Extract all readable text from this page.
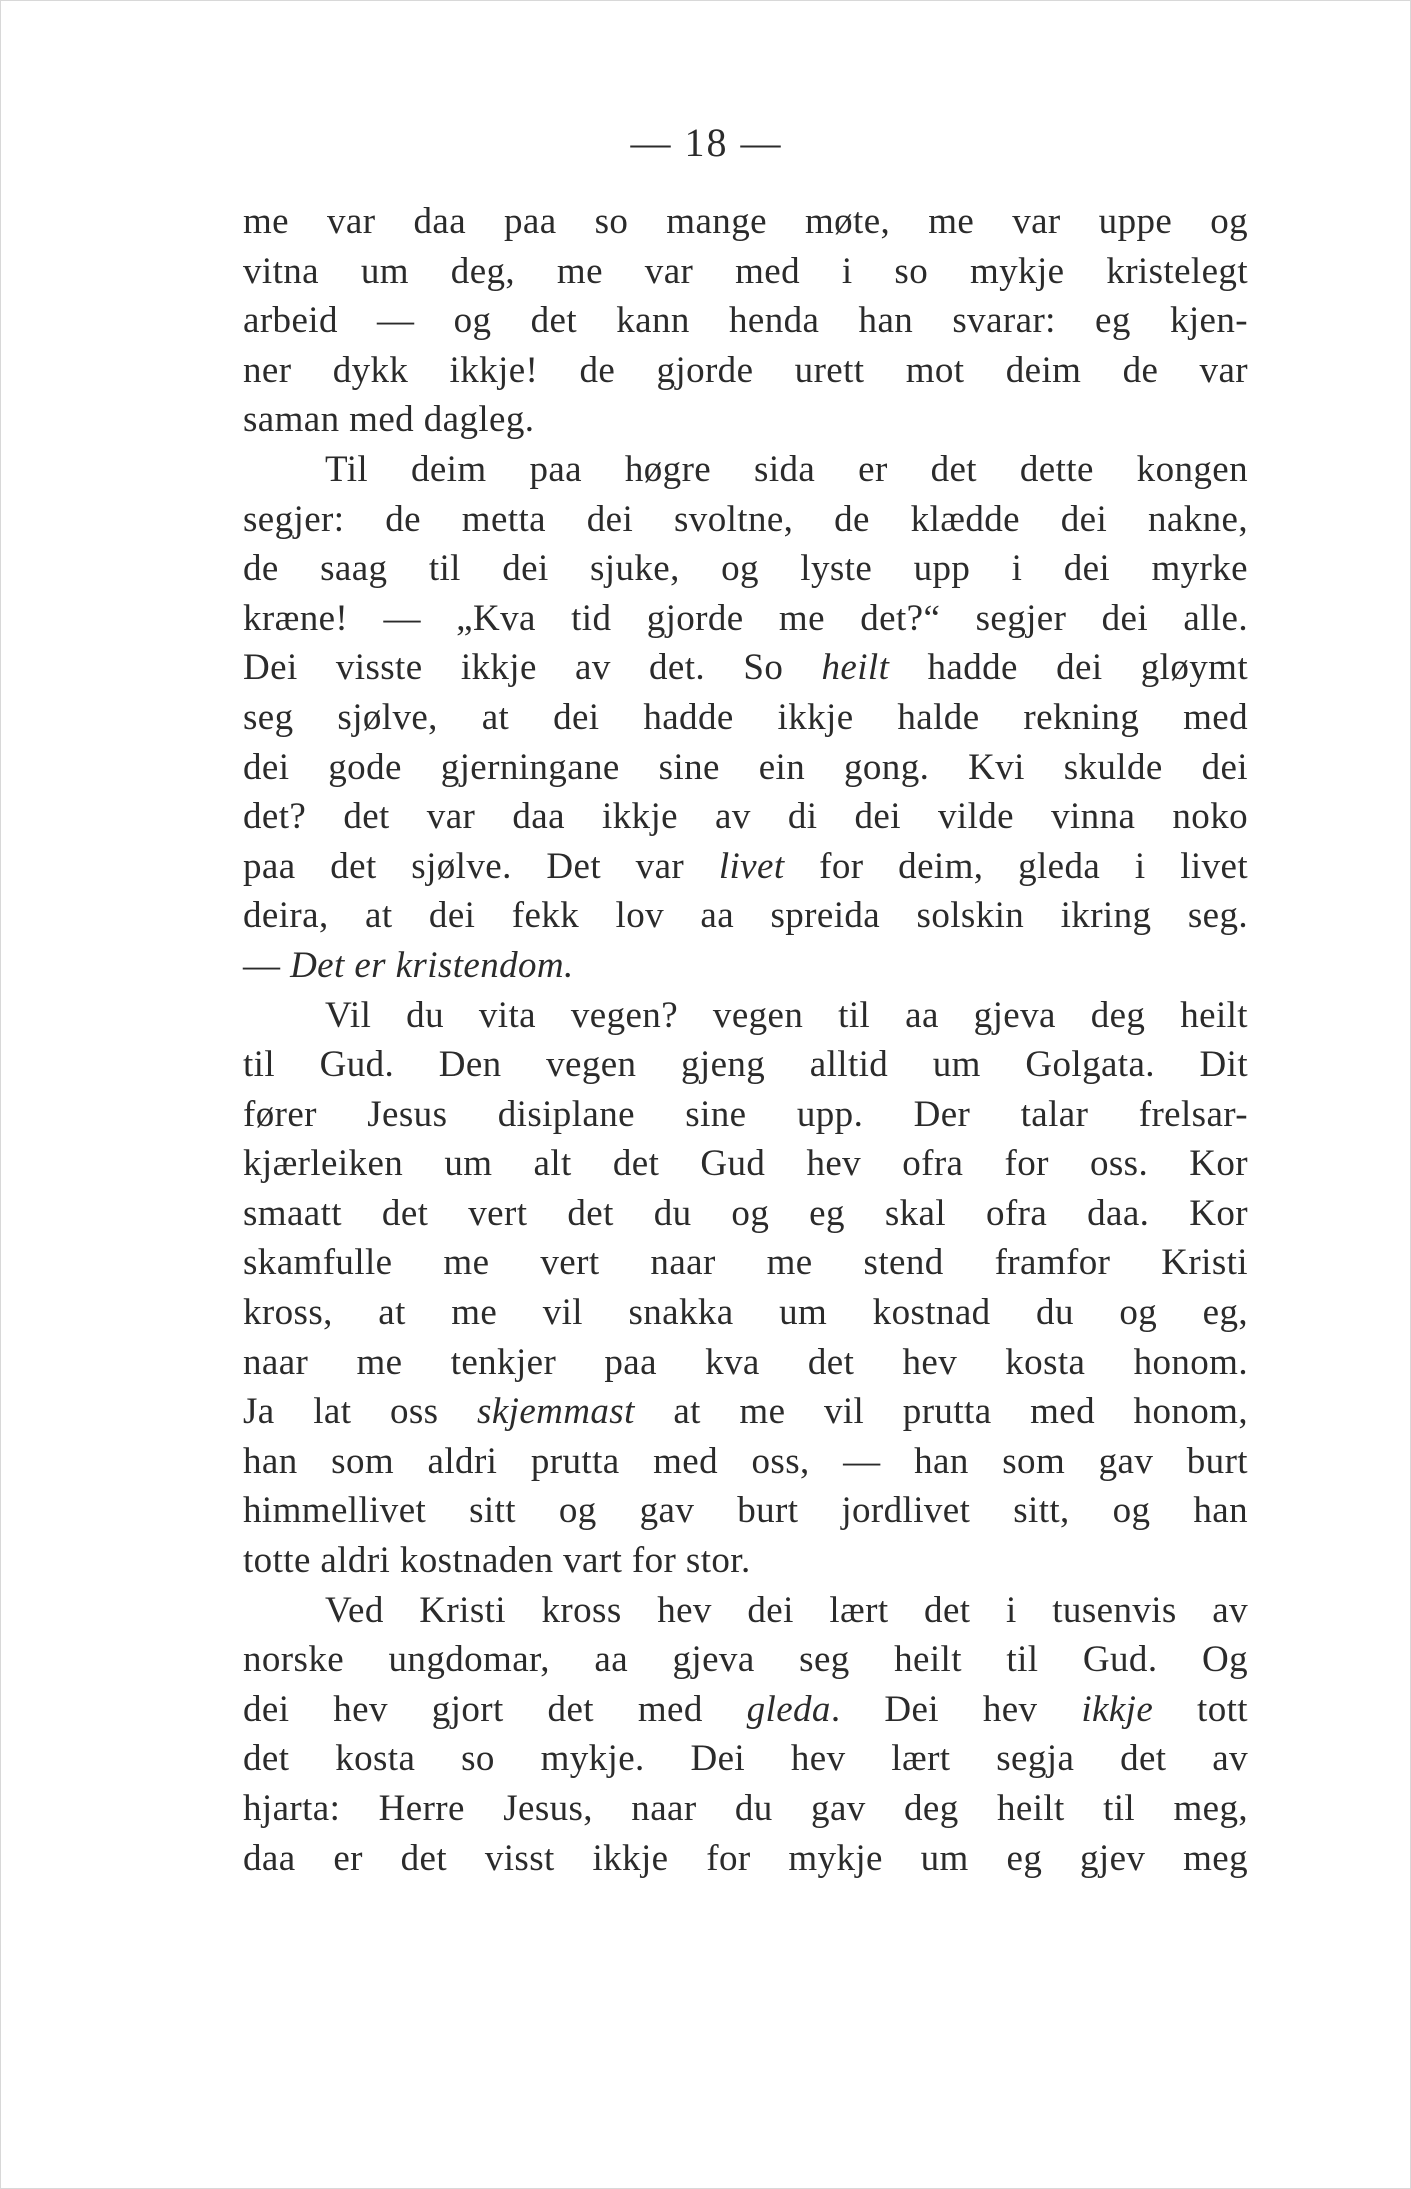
— 18 —
me var daa paa so mange møte, me var uppe og
vitna um deg, me var med i so mykje kristelegt
arbeid — og det kann henda han svarar: eg kjen-
ner dykk ikkje! de gjorde urett mot deim de var
saman med dagleg.
Til deim paa høgre sida er det dette kongen
segjer: de metta dei svoltne, de klædde dei nakne,
de saag til dei sjuke, og lyste upp i dei myrke
kræne! — „Kva tid gjorde me det?“ segjer dei alle.
Dei visste ikkje av det. So heilt hadde dei gløymt
seg sjølve, at dei hadde ikkje halde rekning med
dei gode gjerningane sine ein gong. Kvi skulde dei
det? det var daa ikkje av di dei vilde vinna noko
paa det sjølve. Det var livet for deim, gleda i livet
deira, at dei fekk lov aa spreida solskin ikring seg.
— Det er kristendom.
Vil du vita vegen? vegen til aa gjeva deg heilt
til Gud. Den vegen gjeng alltid um Golgata. Dit
fører Jesus disiplane sine upp. Der talar frelsar-
kjærleiken um alt det Gud hev ofra for oss. Kor
smaatt det vert det du og eg skal ofra daa. Kor
skamfulle me vert naar me stend framfor Kristi
kross, at me vil snakka um kostnad du og eg,
naar me tenkjer paa kva det hev kosta honom.
Ja lat oss skjemmast at me vil prutta med honom,
han som aldri prutta med oss, — han som gav burt
himmellivet sitt og gav burt jordlivet sitt, og han
totte aldri kostnaden vart for stor.
Ved Kristi kross hev dei lært det i tusenvis av
norske ungdomar, aa gjeva seg heilt til Gud. Og
dei hev gjort det med gleda. Dei hev ikkje tott
det kosta so mykje. Dei hev lært segja det av
hjarta: Herre Jesus, naar du gav deg heilt til meg,
daa er det visst ikkje for mykje um eg gjev meg
